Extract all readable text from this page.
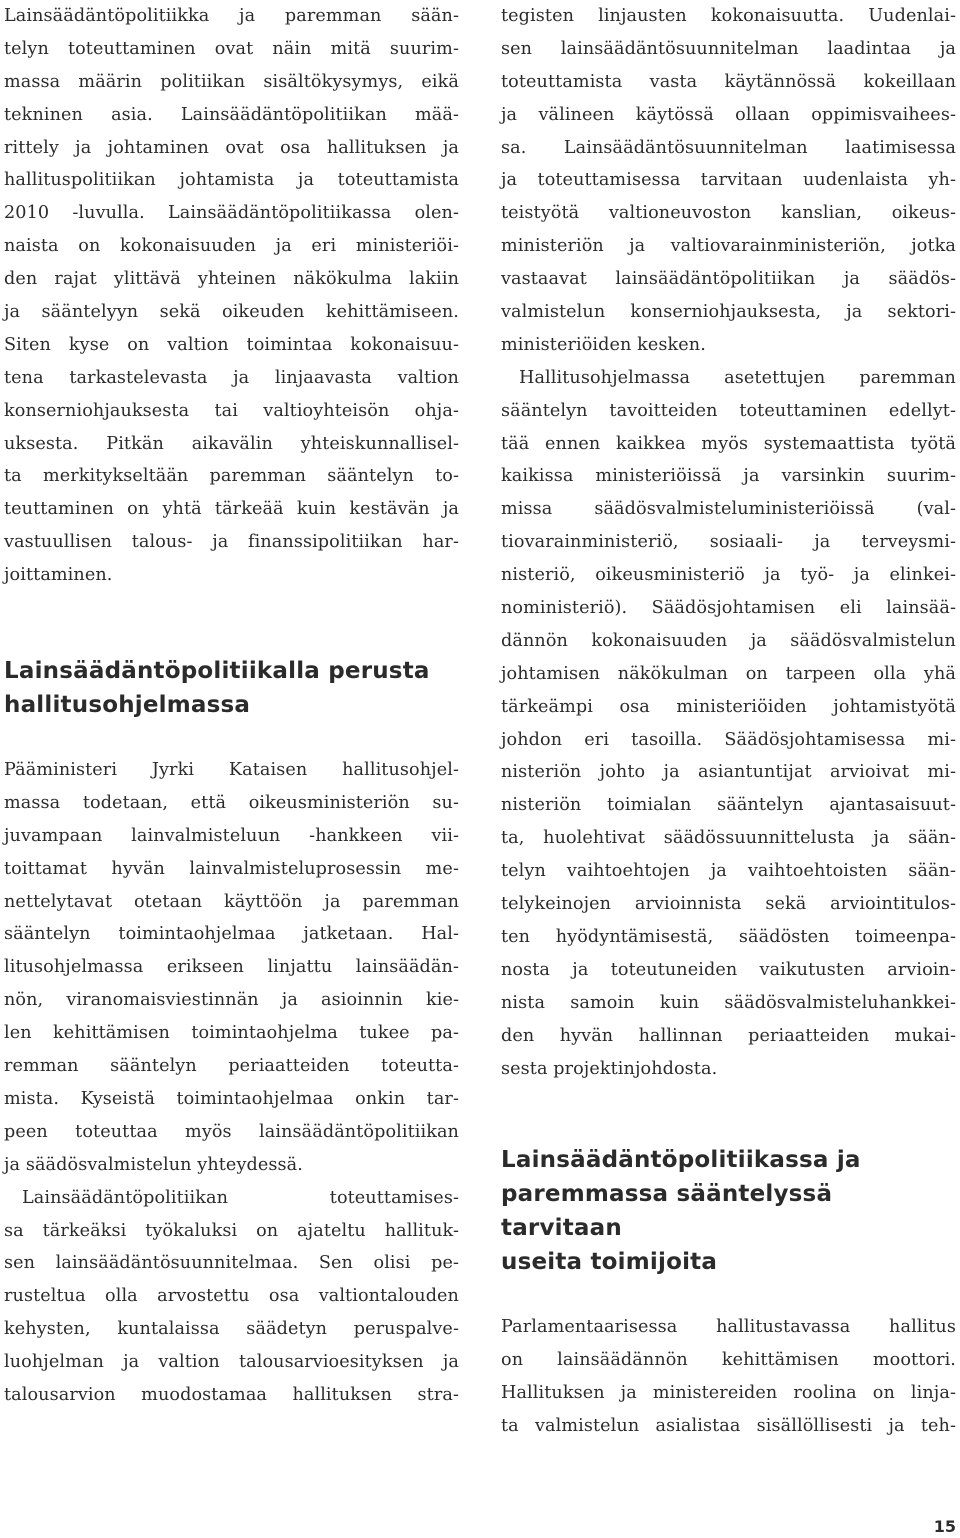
Lainsäädäntöpolitiikka ja paremman sään-
telyn toteuttaminen ovat näin mitä suurim-
massa määrin politiikan sisältökysymys, eikä
tekninen asia. Lainsäädäntöpolitiikan mää-
rittely ja johtaminen ovat osa hallituksen ja
hallituspolitiikan johtamista ja toteuttamista
2010 -luvulla. Lainsäädäntöpolitiikassa olen-
naista on kokonaisuuden ja eri ministeriöi-
den rajat ylittävä yhteinen näkökulma lakiin
ja sääntelyyn sekä oikeuden kehittämiseen.
Siten kyse on valtion toimintaa kokonaisuu-
tena tarkastelevasta ja linjaavasta valtion
konserniohjauksesta tai valtioyhteisön ohja-
uksesta. Pitkän aikavälin yhteiskunnallisel-
ta merkitykseltään paremman sääntelyn to-
teuttaminen on yhtä tärkeää kuin kestävän ja
vastuullisen talous- ja finanssipolitiikan har-
joittaminen.
Lainsäädäntöpolitiikalla perusta
hallitusohjelmassa
Pääministeri Jyrki Kataisen hallitusohjel-
massa todetaan, että oikeusministeriön su-
juvampaan lainvalmisteluun -hankkeen vii-
toittamat hyvän lainvalmisteluprosessin me-
nettelytavat otetaan käyttöön ja paremman
sääntelyn toimintaohjelmaa jatketaan. Hal-
litusohjelmassa erikseen linjattu lainsäädän-
nön, viranomaisviestinnän ja asioinnin kie-
len kehittämisen toimintaohjelma tukee pa-
remman sääntelyn periaatteiden toteutta-
mista. Kyseistä toimintaohjelmaa onkin tar-
peen toteuttaa myös lainsäädäntöpolitiikan
ja säädösvalmistelun yhteydessä.
Lainsäädäntöpolitiikan toteuttamises-
sa tärkeäksi työkaluksi on ajateltu hallituk-
sen lainsäädäntösuunnitelmaa. Sen olisi pe-
rusteltua olla arvostettu osa valtiontalouden
kehysten, kuntalaissa säädetyn peruspalve-
luohjelman ja valtion talousarvioesityksen ja
talousarvion muodostamaa hallituksen stra-
tegisten linjausten kokonaisuutta. Uudenlai-
sen lainsäädäntösuunnitelman laadintaa ja
toteuttamista vasta käytännössä kokeillaan
ja välineen käytössä ollaan oppimisvaihees-
sa. Lainsäädäntösuunnitelman laatimisessa
ja toteuttamisessa tarvitaan uudenlaista yh-
teistyötä valtioneuvoston kanslian, oikeus-
ministeriön ja valtiovarainministeriön, jotka
vastaavat lainsäädäntöpolitiikan ja säädös-
valmistelun konserniohjauksesta, ja sektori-
ministeriöiden kesken.
Hallitusohjelmassa asetettujen paremman
sääntelyn tavoitteiden toteuttaminen edellyt-
tää ennen kaikkea myös systemaattista työtä
kaikissa ministeriöissä ja varsinkin suurim-
missa säädösvalmisteluministeriöissä (val-
tiovarainministeriö, sosiaali- ja terveysmi-
nisteriö, oikeusministeriö ja työ- ja elinkei-
noministeriö). Säädösjohtamisen eli lainsää-
dännön kokonaisuuden ja säädösvalmistelun
johtamisen näkökulman on tarpeen olla yhä
tärkeämpi osa ministeriöiden johtamistyötä
johdon eri tasoilla. Säädösjohtamisessa mi-
nisteriön johto ja asiantuntijat arvioivat mi-
nisteriön toimialan sääntelyn ajantasaisuut-
ta, huolehtivat säädössuunnittelusta ja sään-
telyn vaihtoehtojen ja vaihtoehtoisten sään-
telykeinojen arvioinnista sekä arviointitulos-
ten hyödyntämisestä, säädösten toimeenpa-
nosta ja toteutuneiden vaikutusten arvioin-
nista samoin kuin säädösvalmisteluhankkei-
den hyvän hallinnan periaatteiden mukai-
sesta projektinjohdosta.
Lainsäädäntöpolitiikassa ja
paremmassa sääntelyssä tarvitaan
useita toimijoita
Parlamentaarisessa hallitustavassa hallitus
on lainsäädännön kehittämisen moottori.
Hallituksen ja ministereiden roolina on linja-
ta valmistelun asialistaa sisällöllisesti ja teh-
15
